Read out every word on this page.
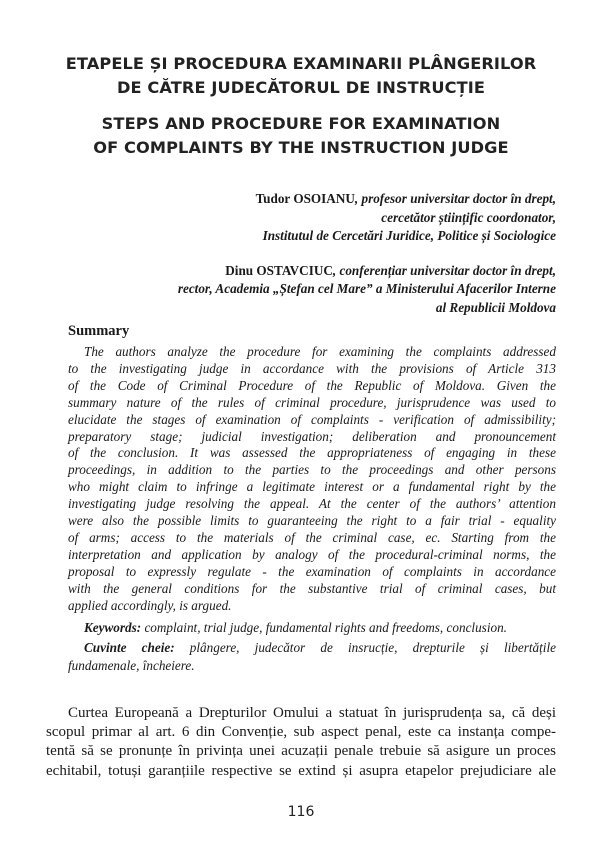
ETAPELE ȘI PROCEDURA EXAMINARII PLÂNGERILOR
DE CĂTRE JUDECĂTORUL DE INSTRUCȚIE
STEPS AND PROCEDURE FOR EXAMINATION
OF COMPLAINTS BY THE INSTRUCTION JUDGE
Tudor OSOIANU, profesor universitar doctor în drept,
cercetător științific coordonator,
Institutul de Cercetări Juridice, Politice și Sociologice
Dinu OSTAVCIUC, conferențiar universitar doctor în drept,
rector, Academia „Ștefan cel Mare” a Ministerului Afacerilor Interne
al Republicii Moldova
Summary
The authors analyze the procedure for examining the complaints addressed
to the investigating judge in accordance with the provisions of Article 313
of the Code of Criminal Procedure of the Republic of Moldova. Given the
summary nature of the rules of criminal procedure, jurisprudence was used to
elucidate the stages of examination of complaints - verification of admissibility;
preparatory stage; judicial investigation; deliberation and pronouncement
of the conclusion. It was assessed the appropriateness of engaging in these
proceedings, in addition to the parties to the proceedings and other persons
who might claim to infringe a legitimate interest or a fundamental right by the
investigating judge resolving the appeal. At the center of the authors’ attention
were also the possible limits to guaranteeing the right to a fair trial - equality
of arms; access to the materials of the criminal case, ec. Starting from the
interpretation and application by analogy of the procedural-criminal norms, the
proposal to expressly regulate - the examination of complaints in accordance
with the general conditions for the substantive trial of criminal cases, but
applied accordingly, is argued.
Keywords: complaint, trial judge, fundamental rights and freedoms, conclusion.
Cuvinte cheie: plângere, judecător de insrucție, drepturile și libertățile
fundamenale, încheiere.
Curtea Europeană a Drepturilor Omului a statuat în jurisprudența sa, că deși
scopul primar al art. 6 din Convenție, sub aspect penal, este ca instanța compe-
tentă să se pronunțe în privința unei acuzații penale trebuie să asigure un proces
echitabil, totuși garanțiile respective se extind și asupra etapelor prejudiciare ale
116
